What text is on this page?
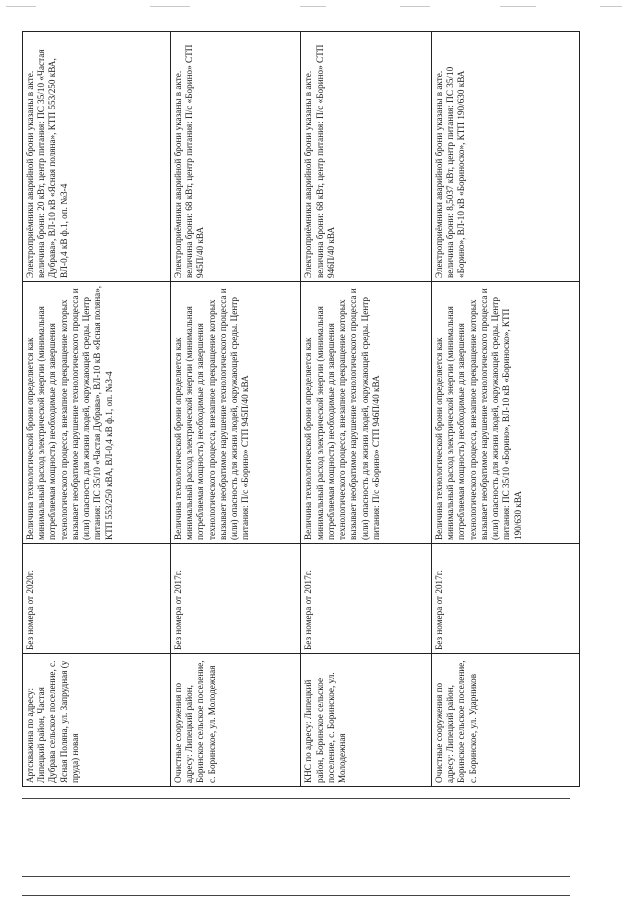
Артскважина по адресу: Липецкий район, Частая Дубрава сельское поселение, с. Ясная Поляна, ул. Запрудная (у пруда) новая	Без номера от 2020г.	Величина технологической брони определяется как минимальный расход электрической энергии (минимальная потребляемая мощность) необходимые для завершения технологического процесса, внезапное прекращение которых вызывает необратимое нарушение технологического процесса и (или) опасность для жизни людей, окружающей среды. Центр питания: ПС 35/10 «Частая Дубрава», ВЛ-10 кВ «Ясная поляна», КТП 553/250 кВА, ВЛ-0,4 кВ ф.1, оп. №3-4	Электроприёмники аварийной брони указаны в акте. величина брони: 20 кВт, центр питания: ПС 35/10 «Частая Дубрава», ВЛ-10 кВ «Ясная поляна», КТП 553/250 кВА, ВЛ-0,4 кВ ф.1, оп. №3-4
Очистные сооружения по адресу: Липецкий район, Боринское сельское поселение, с. Боринское, ул. Молодежная	Без номера от 2017г.	Величина технологической брони определяется как минимальный расход электрической энергии (минимальная потребляемая мощность) необходимые для завершения технологического процесса, внезапное прекращение которых вызывает необратимое нарушение технологического процесса и (или) опасность для жизни людей, окружающей среды. Центр питания: П/с «Борино» СТП 945П/40 кВА	Электроприёмники аварийной брони указаны в акте. величина брони: 68 кВт, центр питания: П/с «Борино» СТП 945П/40 кВА
КНС по адресу: Липецкий район, Боринское сельское поселение, с. Боринское, ул. Молодежная	Без номера от 2017г.	Величина технологической брони определяется как минимальный расход электрической энергии (минимальная потребляемая мощность) необходимые для завершения технологического процесса, внезапное прекращение которых вызывает необратимое нарушение технологического процесса и (или) опасность для жизни людей, окружающей среды. Центр питания: П/с «Борино» СТП 946П/40 кВА	Электроприёмники аварийной брони указаны в акте. величина брони: 68 кВт, центр питания: П/с «Борино» СТП 946П/40 кВА
Очистные сооружения по адресу: Липецкий район, Боринское сельское поселение, с. Боринское, ул. Ударников	Без номера от 2017г.	Величина технологической брони определяется как минимальный расход электрической энергии (минимальная потребляемая мощность) необходимые для завершения технологического процесса, внезапное прекращение которых вызывает необратимое нарушение технологического процесса и (или) опасность для жизни людей, окружающей среды. Центр питания: ПС 35/10 «Борино», ВЛ-10 кВ «Бориноско», КТП 190/630 кВА	Электроприёмники аварийной брони указаны в акте. величина брони: 8,5037 кВт, центр питания: ПС 35/10 «Борино», ВЛ-10 кВ «Бориноско», КТП 190/630 кВА
